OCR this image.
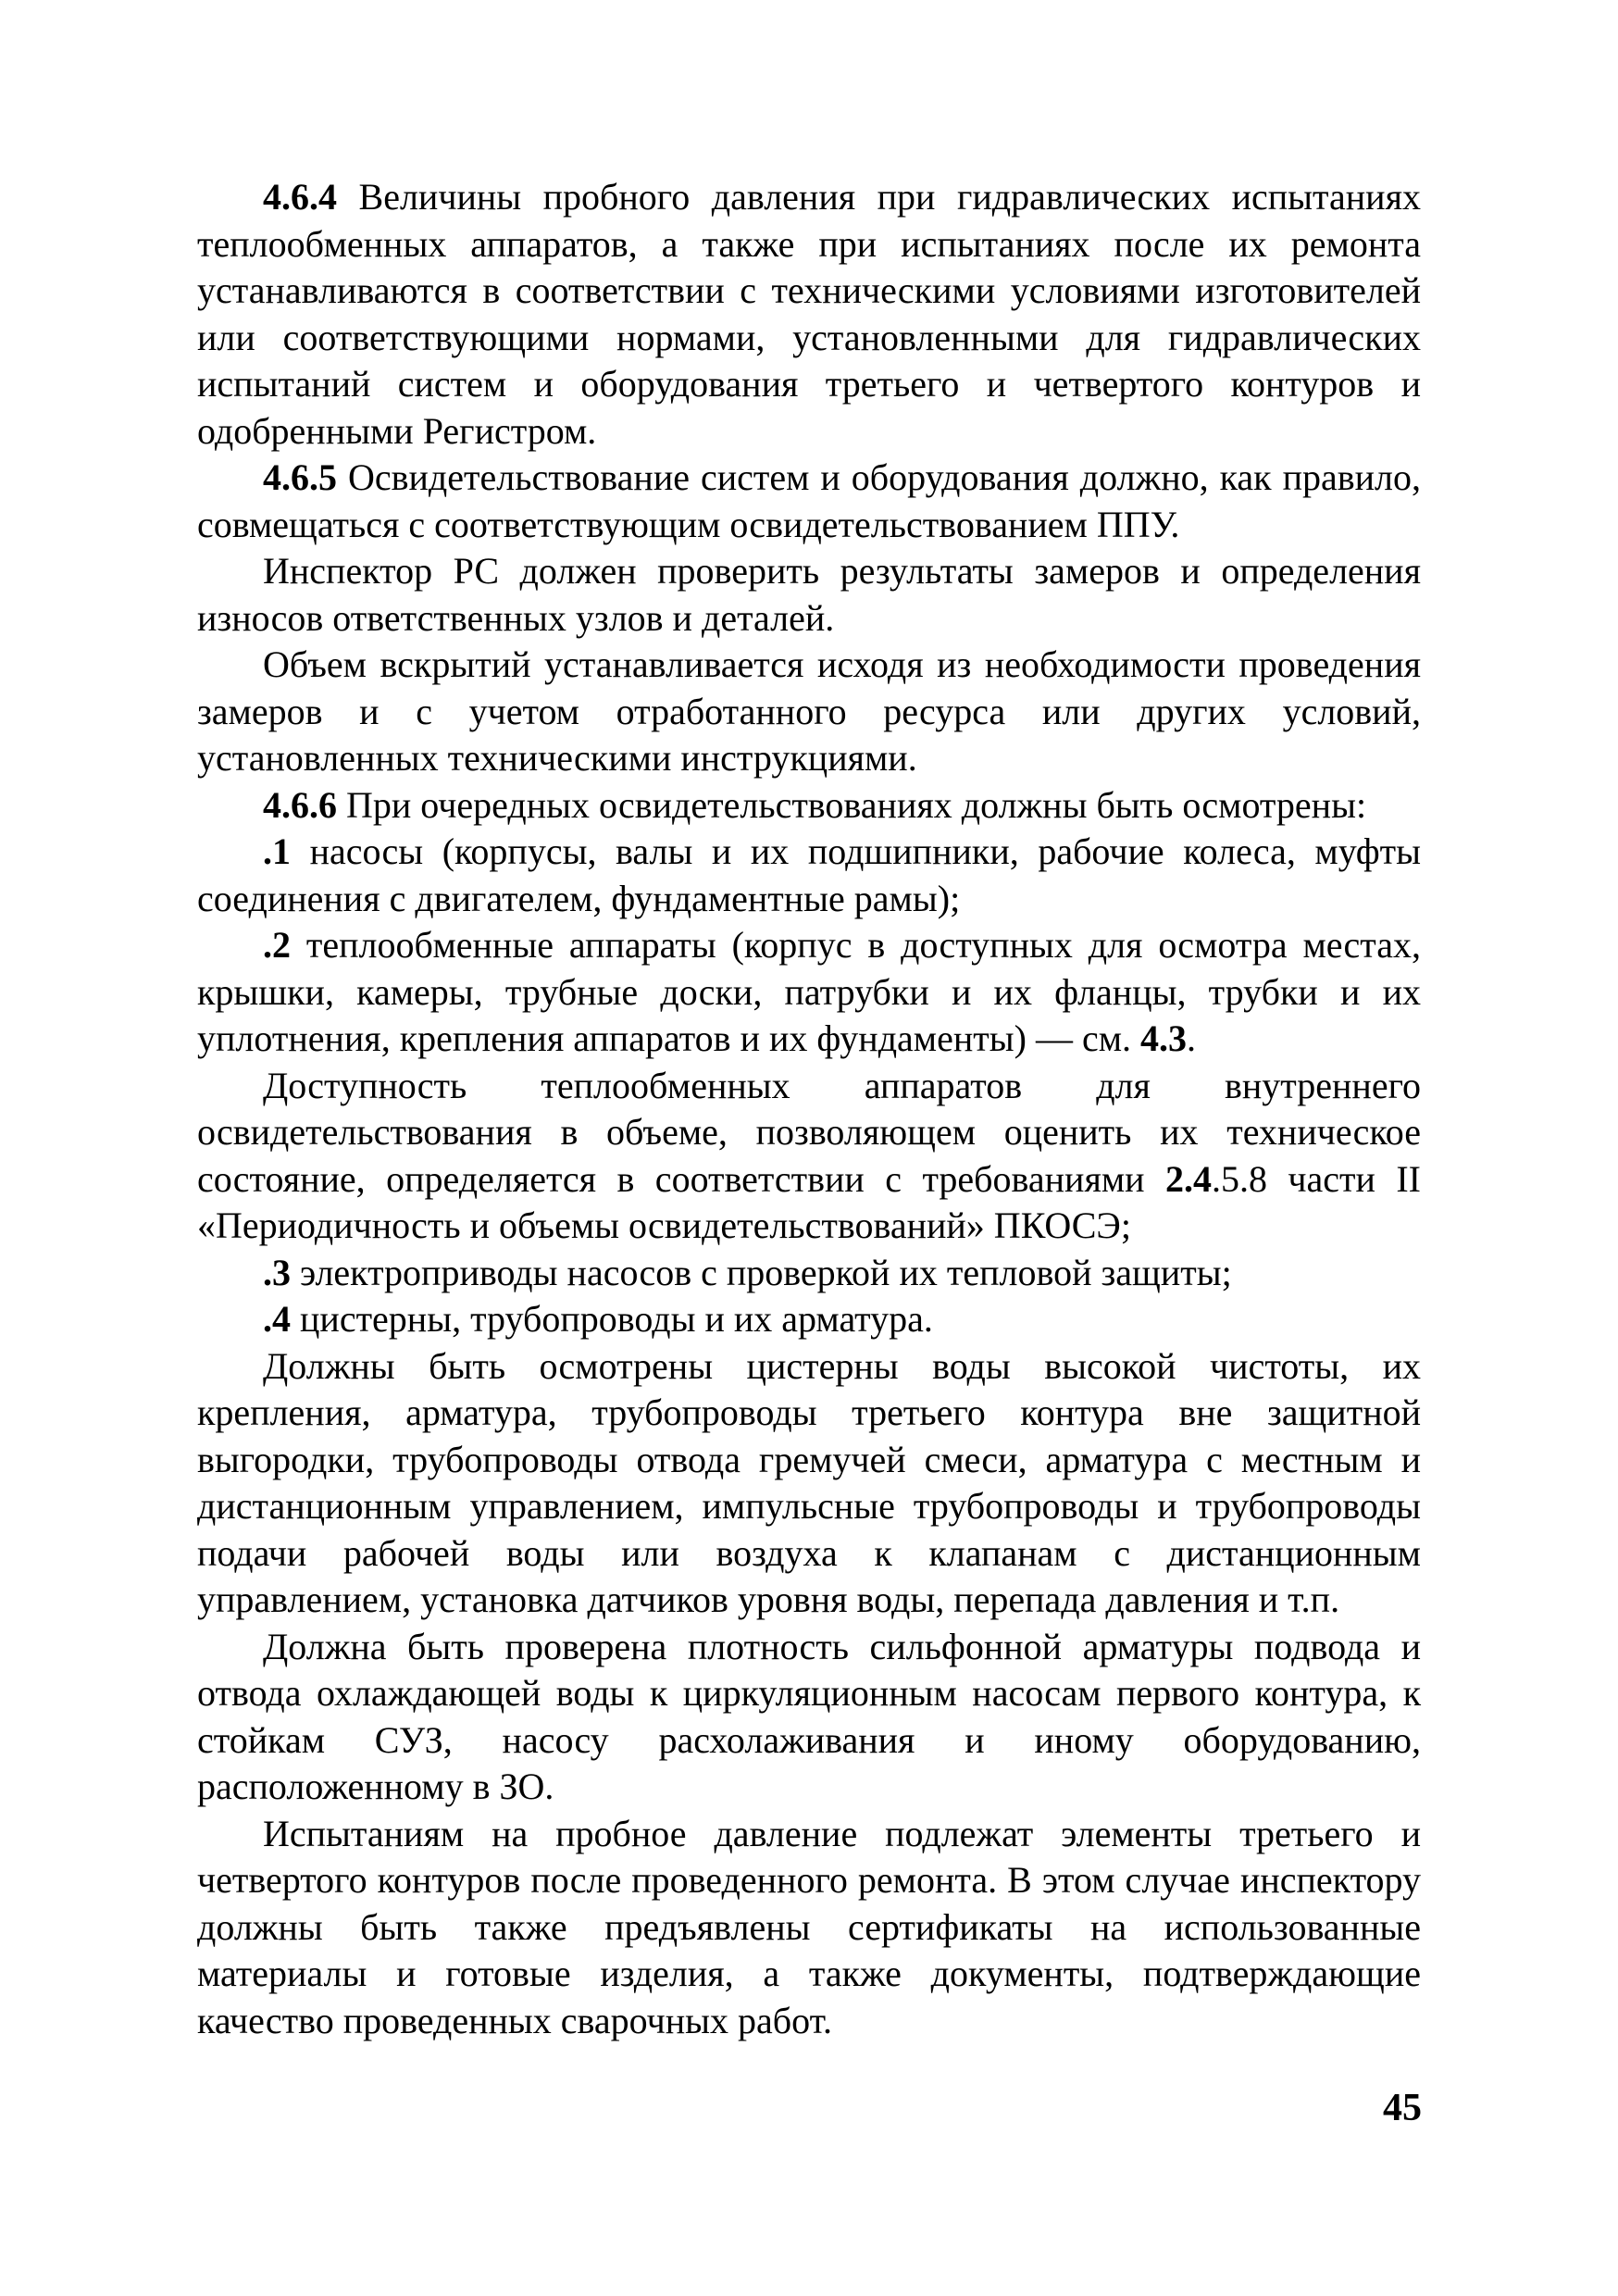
4.6.4 Величины пробного давления при гидравлических испытаниях теплообменных аппаратов, а также при испытаниях после их ремонта устанавливаются в соответствии с техническими условиями изготовителей или соответствующими нормами, установленными для гидравлических испытаний систем и оборудования третьего и четвертого контуров и одобренными Регистром.

4.6.5 Освидетельствование систем и оборудования должно, как правило, совмещаться с соответствующим освидетельствованием ППУ.

Инспектор РС должен проверить результаты замеров и определения износов ответственных узлов и деталей.

Объем вскрытий устанавливается исходя из необходимости проведения замеров и с учетом отработанного ресурса или других условий, установленных техническими инструкциями.

4.6.6 При очередных освидетельствованиях должны быть осмотрены:

.1 насосы (корпусы, валы и их подшипники, рабочие колеса, муфты соединения с двигателем, фундаментные рамы);

.2 теплообменные аппараты (корпус в доступных для осмотра местах, крышки, камеры, трубные доски, патрубки и их фланцы, трубки и их уплотнения, крепления аппаратов и их фундаменты) — см. 4.3.

Доступность теплообменных аппаратов для внутреннего освидетельствования в объеме, позволяющем оценить их техническое состояние, определяется в соответствии с требованиями 2.4.5.8 части II «Периодичность и объемы освидетельствований» ПКОСЭ;

.3 электроприводы насосов с проверкой их тепловой защиты;

.4 цистерны, трубопроводы и их арматура.

Должны быть осмотрены цистерны воды высокой чистоты, их крепления, арматура, трубопроводы третьего контура вне защитной выгородки, трубопроводы отвода гремучей смеси, арматура с местным и дистанционным управлением, импульсные трубопроводы и трубопроводы подачи рабочей воды или воздуха к клапанам с дистанционным управлением, установка датчиков уровня воды, перепада давления и т.п.

Должна быть проверена плотность сильфонной арматуры подвода и отвода охлаждающей воды к циркуляционным насосам первого контура, к стойкам СУЗ, насосу расхолаживания и иному оборудованию, расположенному в ЗО.

Испытаниям на пробное давление подлежат элементы третьего и четвертого контуров после проведенного ремонта. В этом случае инспектору должны быть также предъявлены сертификаты на использованные материалы и готовые изделия, а также документы, подтверждающие качество проведенных сварочных работ.

45
